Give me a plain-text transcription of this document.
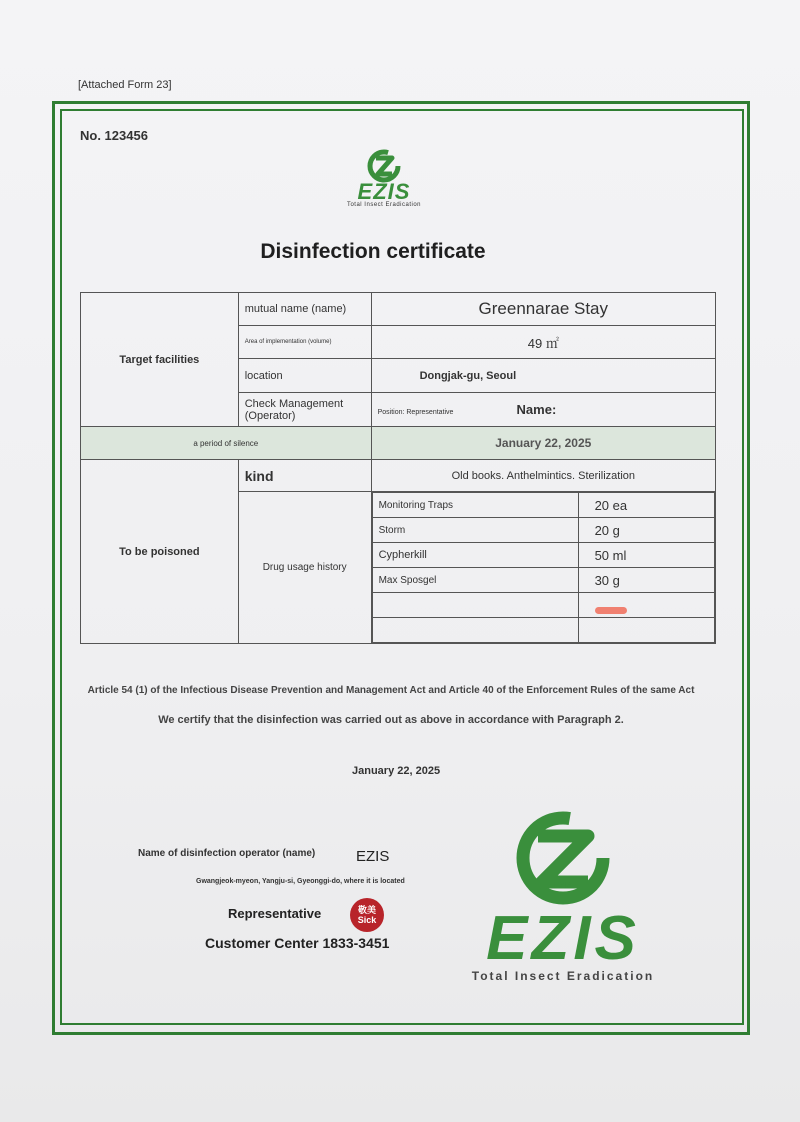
[Attached Form 23]
No. 123456
EZIS
Total Insect Eradication
Disinfection certificate
Target facilities	mutual name (name)	Greennarae Stay
Area of implementation (volume)	49 ㎡
location	Dongjak-gu, Seoul
Check Management (Operator)	Position: Representative	Name:
a period of silence	January 22, 2025
To be poisoned	kind	Old books. Anthelmintics. Sterilization
Drug usage history	
Monitoring Traps	20 ea
Storm	20 g
Cypherkill	50 ml
Max Sposgel	30 g

Article 54 (1) of the Infectious Disease Prevention and Management Act and Article 40 of the Enforcement Rules of the same Act
We certify that the disinfection was carried out as above in accordance with Paragraph 2.
January 22, 2025
Name of disinfection operator (name)	EZIS
Gwangjeok-myeon, Yangju-si, Gyeonggi-do, where it is located
Representative	敬美
Sick
Customer Center 1833-3451
EZIS
EZIS
Total Insect Eradication
